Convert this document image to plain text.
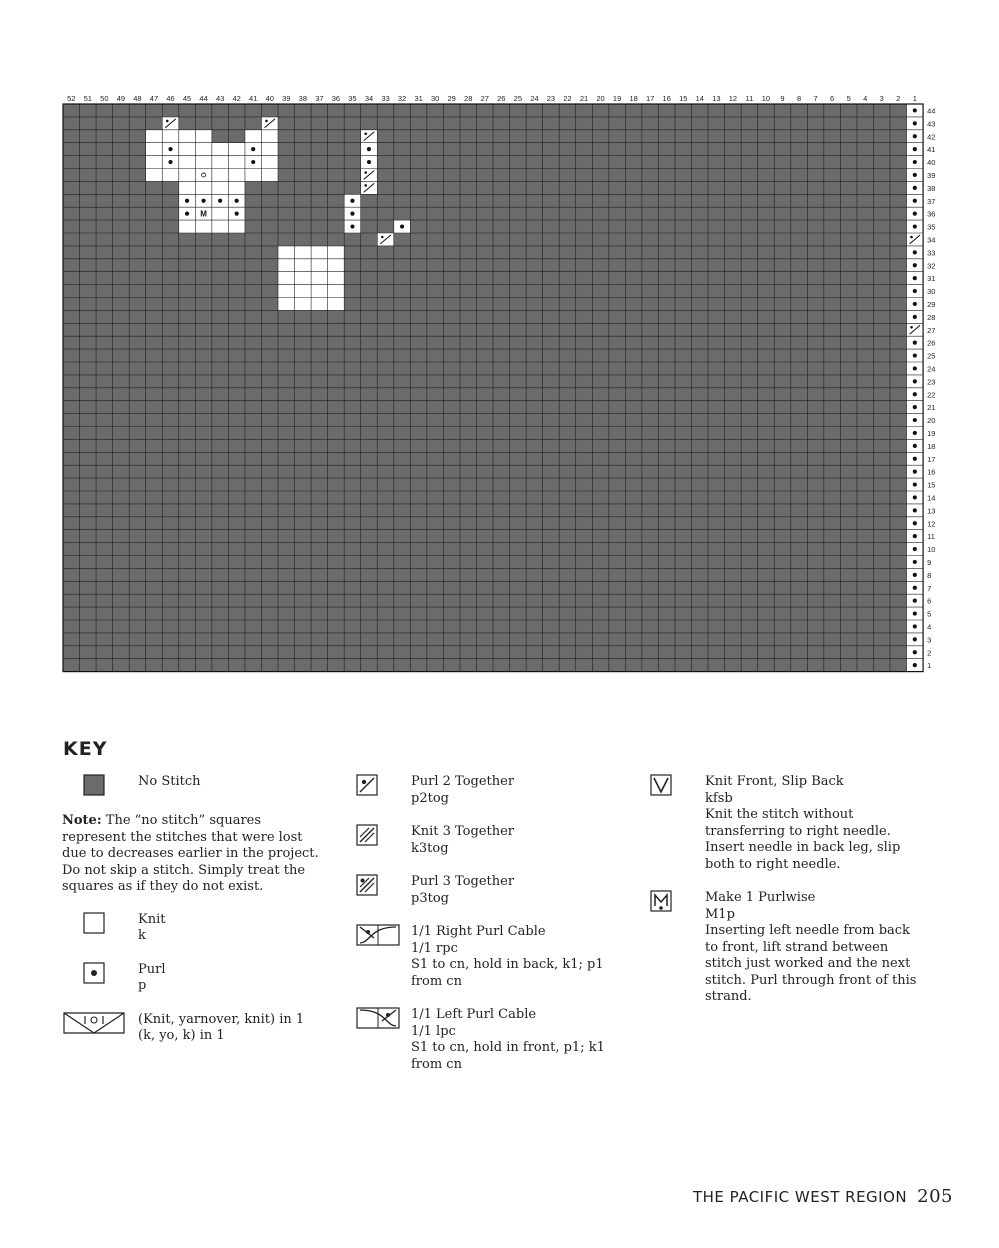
M
52 51 50 49 48 47 46 45 44 43 42 41 40 39 38 37 36 35 34 33 32 31 30 29 28 27 26 25 24 23 22 21 20 19 18 17 16 15 14 13 12 11 10 9 8 7 6 5 4 3 2 1
44
43
42
41
40
39
38
37
36
35
34
33
32
31
30
29
28
27
26
25
24
23
22
21
20
19
18
17
16
15
14
13
12
11
10
9
8
7
6
5
4
3
2
1
KEY
No Stitch

Note: The “no stitch” squares represent the stitches that were lost due to decreases earlier in the project. Do not skip a stitch. Simply treat the squares as if they do not exist.

Knit
k
Purl
p
(Knit, yarnover, knit) in 1
(k, yo, k) in 1
Purl 2 Together
p2tog
Knit 3 Together
k3tog
Purl 3 Together
p3tog
1/1 Right Purl Cable
1/1 rpc
S1 to cn, hold in back, k1; p1 from cn
1/1 Left Purl Cable
1/1 lpc
S1 to cn, hold in front, p1; k1 from cn
Knit Front, Slip Back
kfsb
Knit the stitch without transferring to right needle. Insert needle in back leg, slip both to right needle.
Make 1 Purlwise
M1p
Inserting left needle from back to front, lift strand between stitch just worked and the next stitch. Purl through front of this strand.
THE PACIFIC WEST REGION 205
